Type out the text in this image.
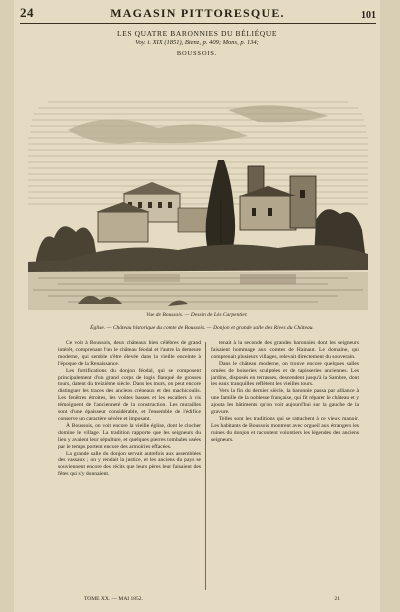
24	MAGASIN PITTORESQUE.	101
LES QUATRE BARONNIES DU BÉLIÉQUE
Voy. t. XIX (1851), Bienz, p. 409; Mons, p. 134;
BOUSSOIS.
Vue de Boussois. — Dessin de Lès Carpentier.
Église. — Château historique du comte de Boussois. — Donjon et grande salle des Rives du Château.

Ce voit à Boussois, deux châteaux bien célèbres de grand intérêt, comprenant l'un le château féodal et l'autre la demeure moderne, qui semble s'être élevée dans la vieille enceinte à l'époque de la Renaissance.

Les fortifications du donjon féodal, qui se composent principalement d'un grand corps de logis flanqué de grosses tours, datent du treizième siècle. Dans les murs, on peut encore distinguer les traces des anciens créneaux et des machicoulis. Les fenêtres étroites, les voûtes basses et les escaliers à vis témoignent de l'ancienneté de la construction. Les murailles sont d'une épaisseur considérable, et l'ensemble de l'édifice conserve un caractère sévère et imposant.

À Boussois, on voit encore la vieille église, dont le clocher domine le village. La tradition rapporte que les seigneurs du lieu y avaient leur sépulture, et quelques pierres tombales usées par le temps portent encore des armoiries effacées.

La grande salle du donjon servait autrefois aux assemblées des vassaux ; on y rendait la justice, et les anciens du pays se souviennent encore des récits que leurs pères leur faisaient des fêtes qui s'y donnaient.

tenait à la seconde des grandes baronnies dont les seigneurs faisaient hommage aux comtes de Hainaut. Le domaine, qui comprenait plusieurs villages, relevait directement du souverain.

Dans le château moderne, on trouve encore quelques salles ornées de boiseries sculptées et de tapisseries anciennes. Les jardins, disposés en terrasses, descendent jusqu'à la Sambre, dont les eaux tranquilles reflètent les vieilles tours.

Vers la fin du dernier siècle, la baronnie passa par alliance à une famille de la noblesse française, qui fit réparer le château et y ajouta les bâtiments qu'on voit aujourd'hui sur la gauche de la gravure.

Telles sont les traditions qui se rattachent à ce vieux manoir. Les habitants de Boussois montrent avec orgueil aux étrangers les ruines du donjon et racontent volontiers les légendes des anciens seigneurs.

TOME XX. — MAI 1852.	21
